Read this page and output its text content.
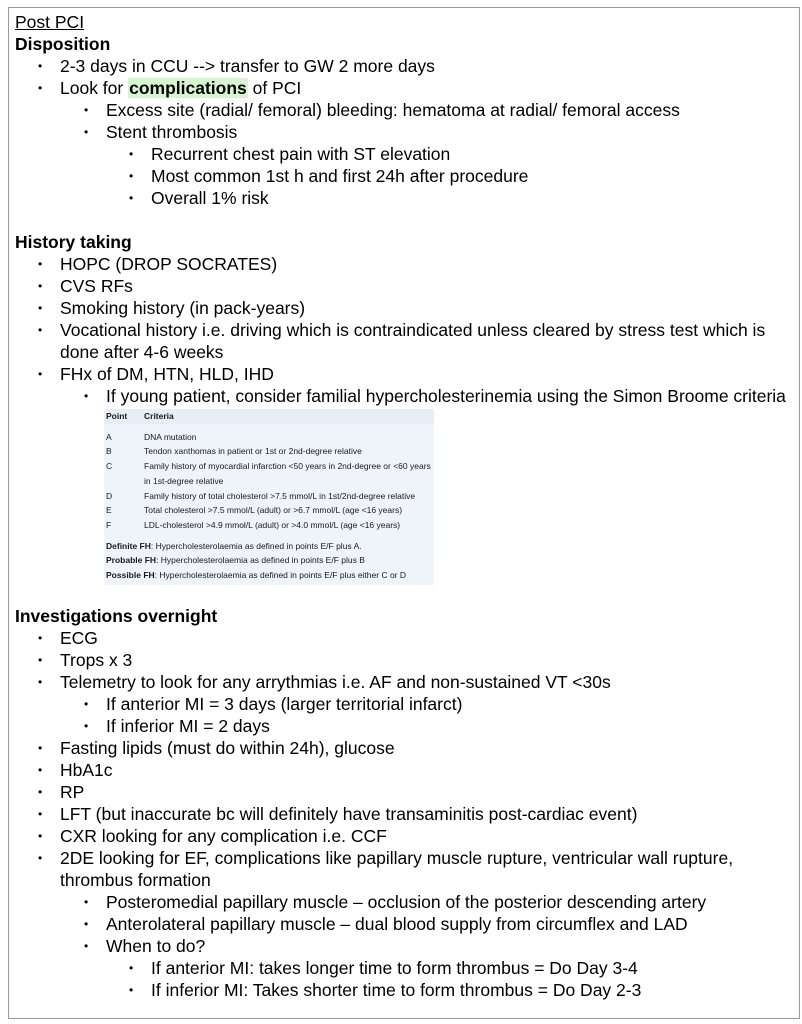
Post PCI
Disposition
• 2-3 days in CCU --> transfer to GW 2 more days
• Look for complications of PCI
• Excess site (radial/ femoral) bleeding: hematoma at radial/ femoral access
• Stent thrombosis
• Recurrent chest pain with ST elevation
• Most common 1st h and first 24h after procedure
• Overall 1% risk
History taking
• HOPC (DROP SOCRATES)
• CVS RFs
• Smoking history (in pack-years)
• Vocational history i.e. driving which is contraindicated unless cleared by stress test which is done after 4-6 weeks
• FHx of DM, HTN, HLD, IHD
• If young patient, consider familial hypercholesterinemia using the Simon Broome criteria
Point	Criteria
A	DNA mutation
B	Tendon xanthomas in patient or 1st or 2nd-degree relative
C	Family history of myocardial infarction <50 years in 2nd-degree or <60 years in 1st-degree relative
D	Family history of total cholesterol >7.5 mmol/L in 1st/2nd-degree relative
E	Total cholesterol >7.5 mmol/L (adult) or >6.7 mmol/L (age <16 years)
F	LDL-cholesterol >4.9 mmol/L (adult) or >4.0 mmol/L (age <16 years)
Definite FH: Hypercholesterolaemia as defined in points E/F plus A.
Probable FH: Hypercholesterolaemia as defined in points E/F plus B
Possible FH: Hypercholesterolaemia as defined in points E/F plus either C or D
Investigations overnight
• ECG
• Trops x 3
• Telemetry to look for any arrythmias i.e. AF and non-sustained VT <30s
• If anterior MI = 3 days (larger territorial infarct)
• If inferior MI = 2 days
• Fasting lipids (must do within 24h), glucose
• HbA1c
• RP
• LFT (but inaccurate bc will definitely have transaminitis post-cardiac event)
• CXR looking for any complication i.e. CCF
• 2DE looking for EF, complications like papillary muscle rupture, ventricular wall rupture, thrombus formation
• Posteromedial papillary muscle – occlusion of the posterior descending artery
• Anterolateral papillary muscle – dual blood supply from circumflex and LAD
• When to do?
• If anterior MI: takes longer time to form thrombus = Do Day 3-4
• If inferior MI: Takes shorter time to form thrombus = Do Day 2-3
